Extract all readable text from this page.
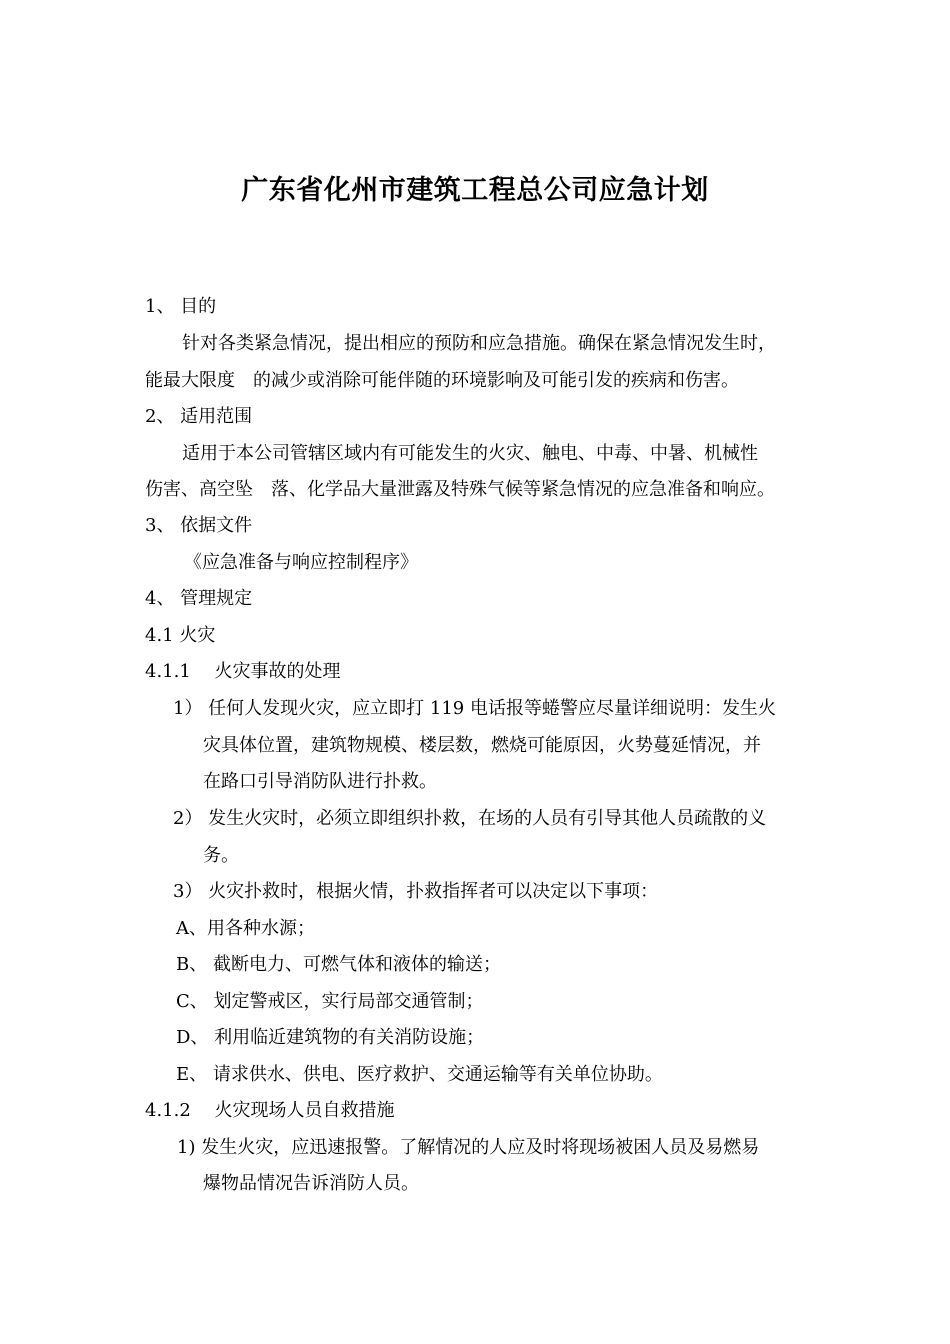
广东省化州市建筑工程总公司应急计划
1、 目的
针对各类紧急情况，提出相应的预防和应急措施。确保在紧急情况发生时，
能最大限度　的减少或消除可能伴随的环境影响及可能引发的疾病和伤害。
2、 适用范围
适用于本公司管辖区域内有可能发生的火灾、触电、中毒、中暑、机械性
伤害、高空坠　落、化学品大量泄露及特殊气候等紧急情况的应急准备和响应。
3、 依据文件
《应急准备与响应控制程序》
4、 管理规定
4.1 火灾
4.1.1　 火灾事故的处理
1） 任何人发现火灾，应立即打 119 电话报等蜷警应尽量详细说明：发生火
灾具体位置，建筑物规模、楼层数，燃烧可能原因，火势蔓延情况，并
在路口引导消防队进行扑救。
2） 发生火灾时，必须立即组织扑救，在场的人员有引导其他人员疏散的义
务。
3） 火灾扑救时，根据火情，扑救指挥者可以决定以下事项：
A、用各种水源；
B、 截断电力、可燃气体和液体的输送；
C、 划定警戒区，实行局部交通管制；
D、 利用临近建筑物的有关消防设施；
E、 请求供水、供电、医疗救护、交通运输等有关单位协助。
4.1.2　 火灾现场人员自救措施
1) 发生火灾，应迅速报警。了解情况的人应及时将现场被困人员及易燃易
爆物品情况告诉消防人员。
